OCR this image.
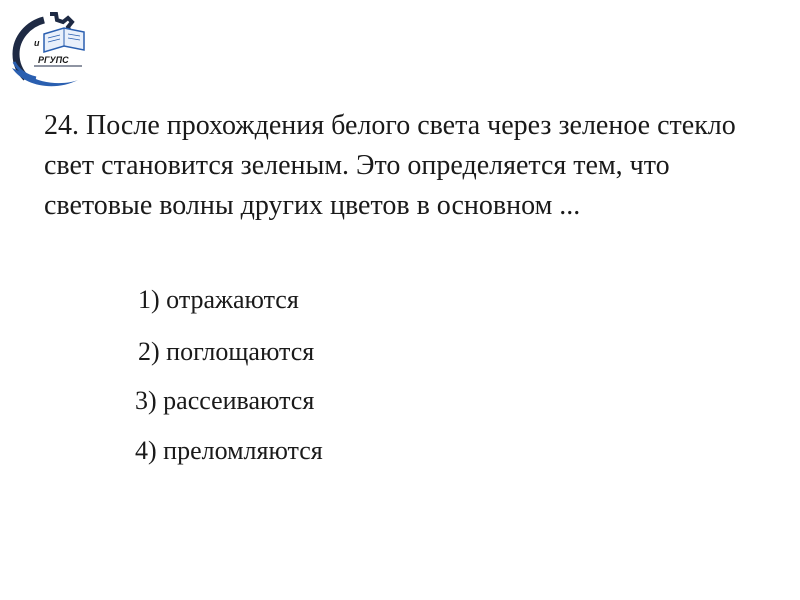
u
РГУПС

24. После прохождения белого света через зеленое стекло свет становится зеленым. Это определяется тем, что световые волны других цветов в основном ...

1) отражаются
2) поглощаются
3) рассеиваются
4) преломляются
